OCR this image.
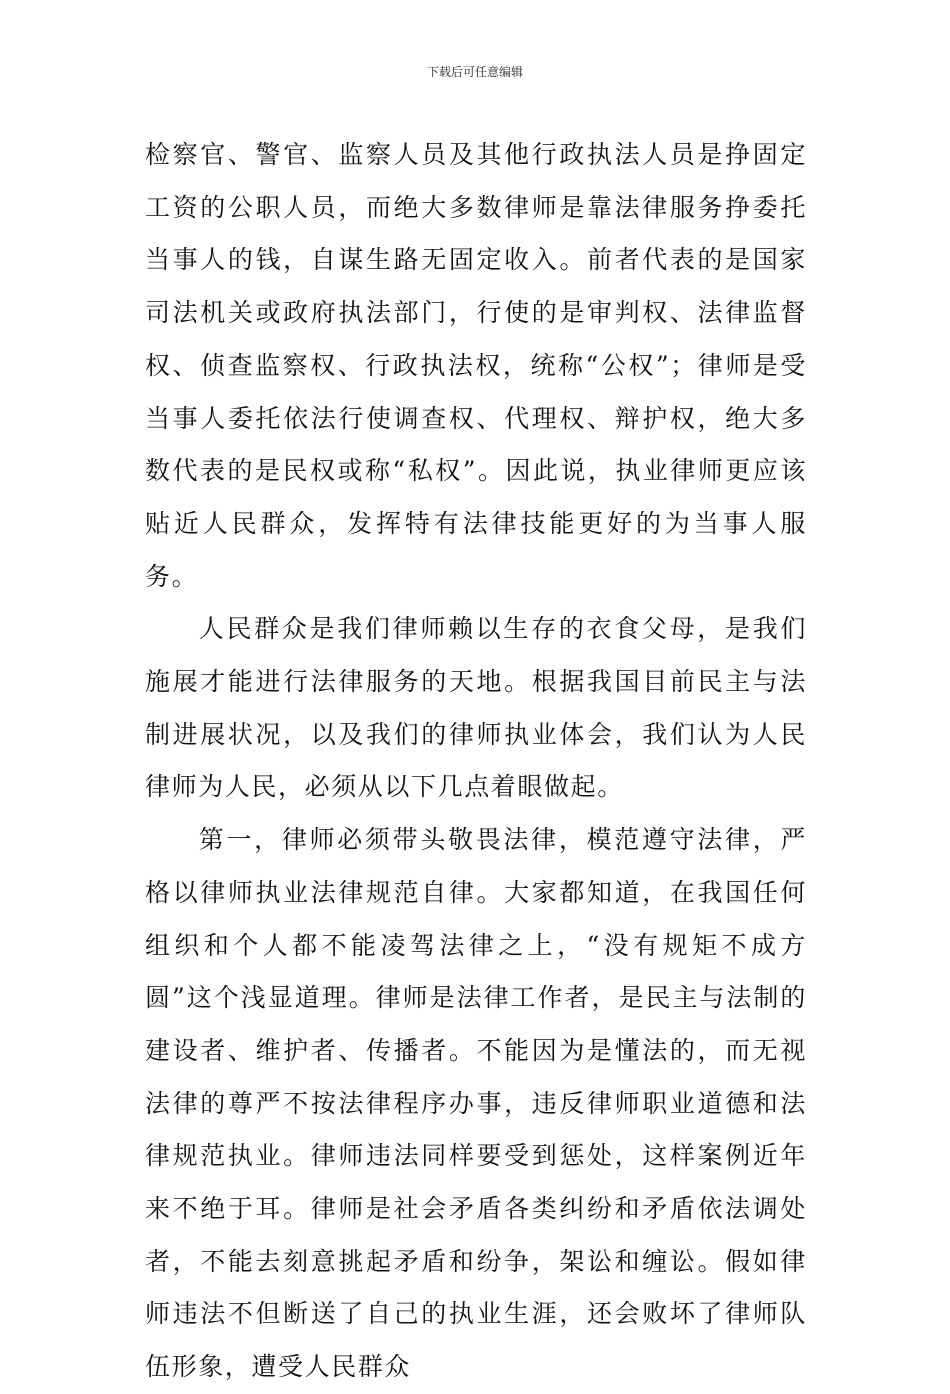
下载后可任意编辑

检察官、警官、监察人员及其他行政执法人员是挣固定工资的公职人员，而绝大多数律师是靠法律服务挣委托当事人的钱，自谋生路无固定收入。前者代表的是国家司法机关或政府执法部门，行使的是审判权、法律监督权、侦查监察权、行政执法权，统称“公权”；律师是受当事人委托依法行使调查权、代理权、辩护权，绝大多数代表的是民权或称“私权”。因此说，执业律师更应该贴近人民群众，发挥特有法律技能更好的为当事人服务。

人民群众是我们律师赖以生存的衣食父母，是我们施展才能进行法律服务的天地。根据我国目前民主与法制进展状况，以及我们的律师执业体会，我们认为人民律师为人民，必须从以下几点着眼做起。

第一，律师必须带头敬畏法律，模范遵守法律，严格以律师执业法律规范自律。大家都知道，在我国任何组织和个人都不能凌驾法律之上，“没有规矩不成方圆”这个浅显道理。律师是法律工作者，是民主与法制的建设者、维护者、传播者。不能因为是懂法的，而无视法律的尊严不按法律程序办事，违反律师职业道德和法律规范执业。律师违法同样要受到惩处，这样案例近年来不绝于耳。律师是社会矛盾各类纠纷和矛盾依法调处者，不能去刻意挑起矛盾和纷争，架讼和缠讼。假如律师违法不但断送了自己的执业生涯，还会败坏了律师队伍形象，遭受人民群众
